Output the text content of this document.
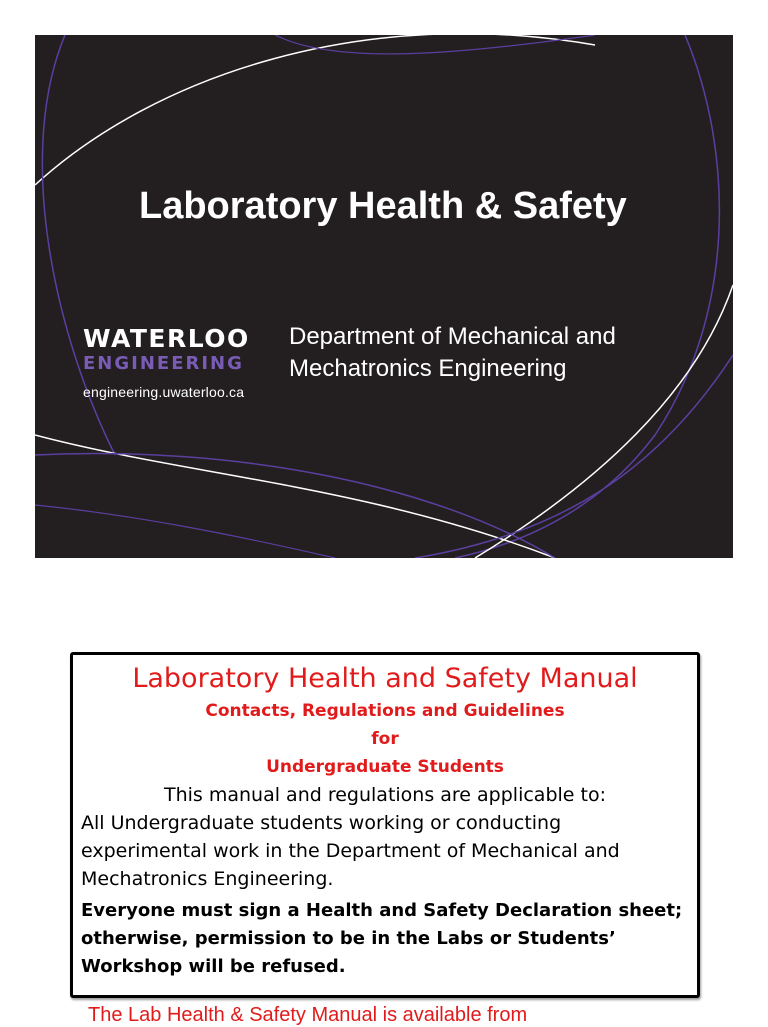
Laboratory Health & Safety
WATERLOO
ENGINEERING
engineering.uwaterloo.ca
Department of Mechanical and
Mechatronics Engineering
Laboratory Health and Safety Manual
Contacts, Regulations and Guidelines
for
Undergraduate Students
This manual and regulations are applicable to:
All Undergraduate students working or conducting experimental work in the Department of Mechanical and Mechatronics Engineering.
Everyone must sign a Health and Safety Declaration sheet; otherwise, permission to be in the Labs or Students’ Workshop will be refused.
The Lab Health & Safety Manual is available from
